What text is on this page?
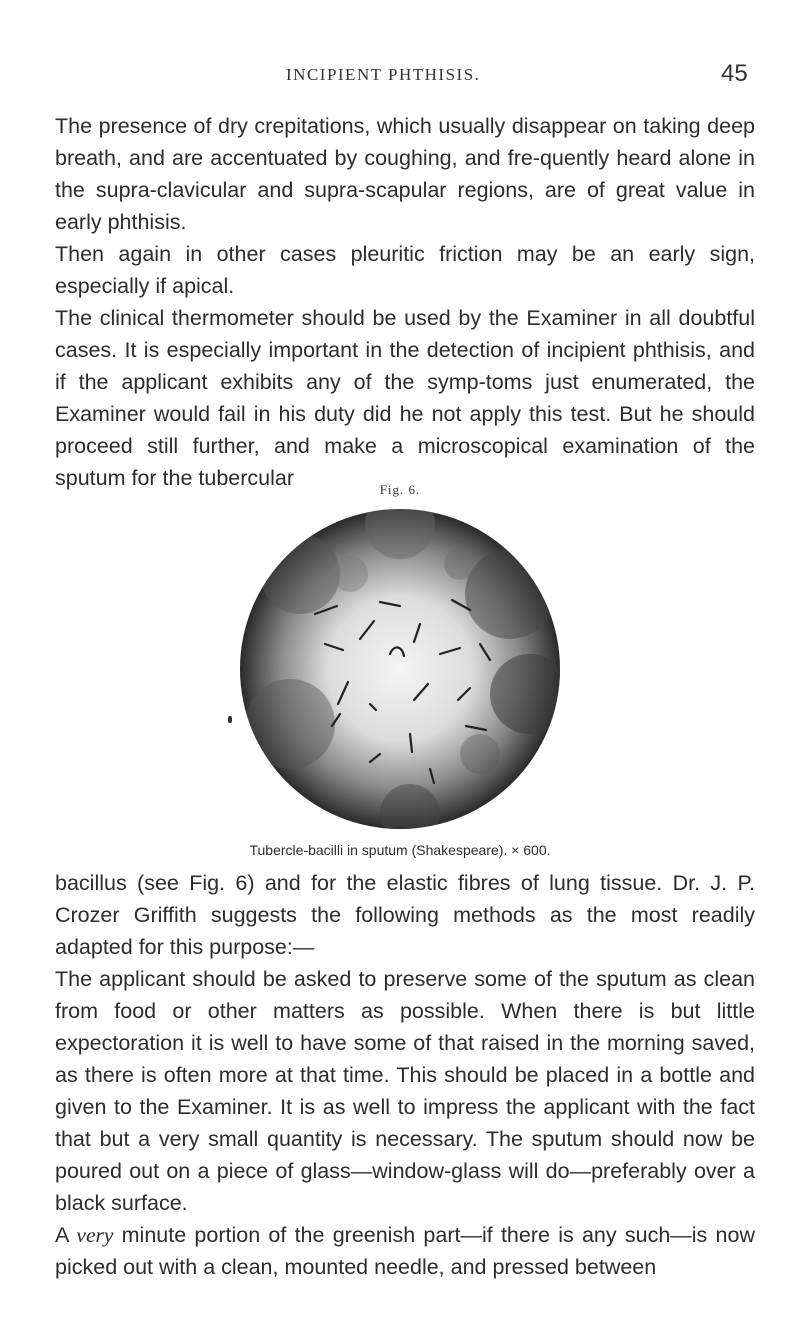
INCIPIENT PHTHISIS.	45

The presence of dry crepitations, which usually disappear on taking deep breath, and are accentuated by coughing, and fre-quently heard alone in the supra-clavicular and supra-scapular regions, are of great value in early phthisis.

Then again in other cases pleuritic friction may be an early sign, especially if apical.

The clinical thermometer should be used by the Examiner in all doubtful cases. It is especially important in the detection of incipient phthisis, and if the applicant exhibits any of the symp-toms just enumerated, the Examiner would fail in his duty did he not apply this test. But he should proceed still further, and make a microscopical examination of the sputum for the tubercular	Fig. 6.
Tubercle-bacilli in sputum (Shakespeare). × 600.

bacillus (see Fig. 6) and for the elastic fibres of lung tissue. Dr. J. P. Crozer Griffith suggests the following methods as the most readily adapted for this purpose:—

The applicant should be asked to preserve some of the sputum as clean from food or other matters as possible. When there is but little expectoration it is well to have some of that raised in the morning saved, as there is often more at that time. This should be placed in a bottle and given to the Examiner. It is as well to impress the applicant with the fact that but a very small quantity is necessary. The sputum should now be poured out on a piece of glass—window-glass will do—preferably over a black surface.

A very minute portion of the greenish part—if there is any such—is now picked out with a clean, mounted needle, and pressed between
